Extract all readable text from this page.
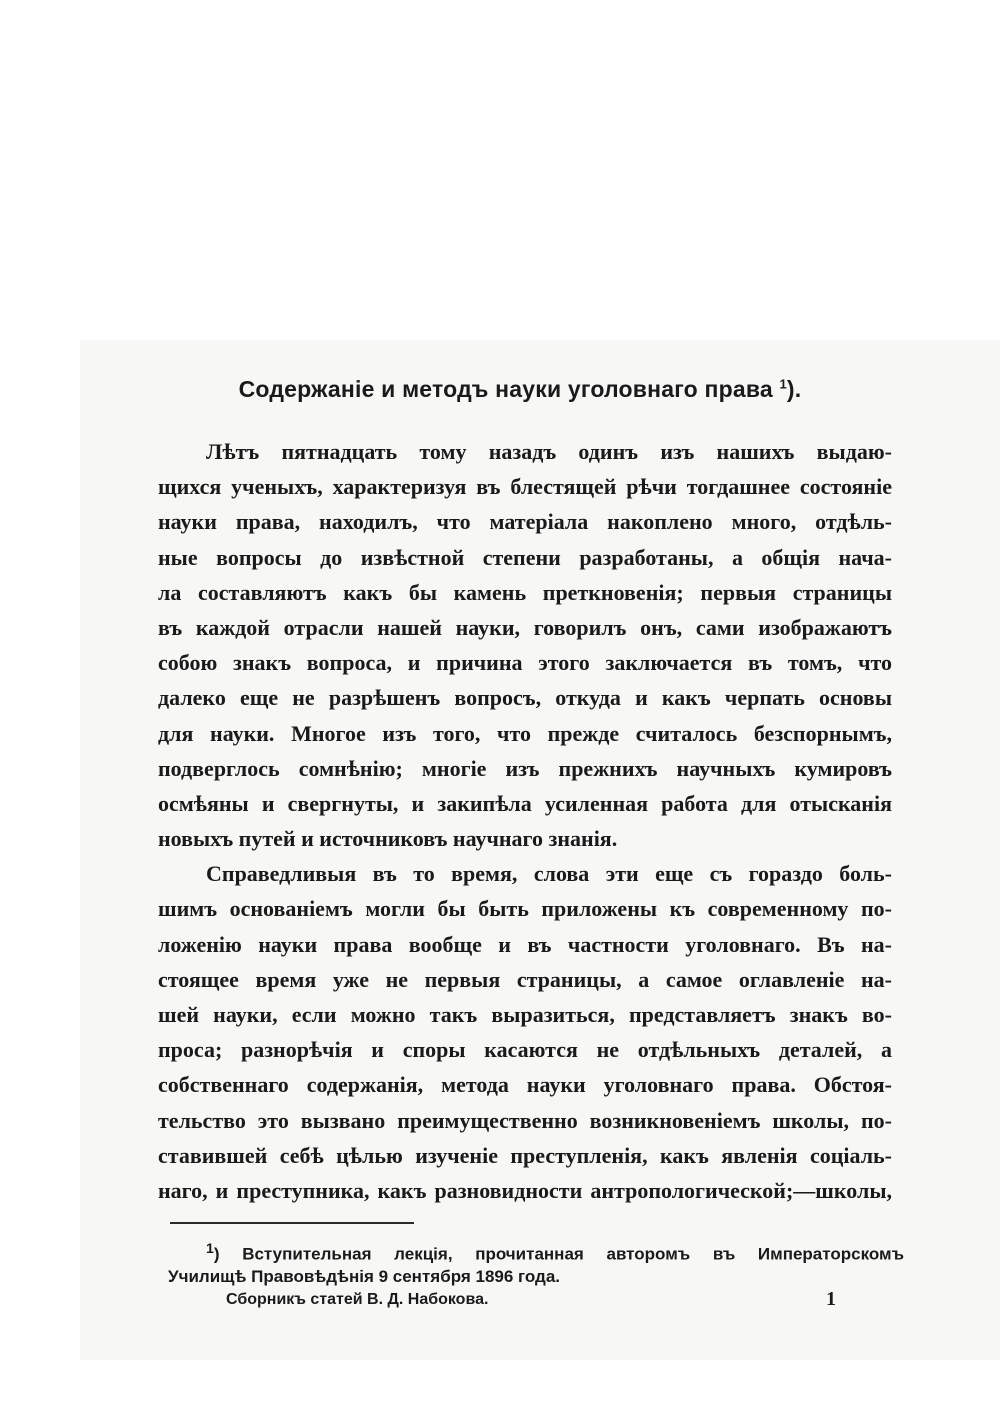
Содержаніе и методъ науки уголовнаго права $^1$).
Лѣтъ пятнадцать тому назадъ одинъ изъ нашихъ выдаю-
щихся ученыхъ, характеризуя въ блестящей рѣчи тогдашнее состояніе
науки права, находилъ, что матеріала накоплено много, отдѣль-
ные вопросы до извѣстной степени разработаны, а общія нача-
ла составляютъ какъ бы камень преткновенія; первыя страницы
въ каждой отрасли нашей науки, говорилъ онъ, сами изображаютъ
собою знакъ вопроса, и причина этого заключается въ томъ, что
далеко еще не разрѣшенъ вопросъ, откуда и какъ черпать основы
для науки. Многое изъ того, что прежде считалось безспорнымъ,
подверглось сомнѣнію; многіе изъ прежнихъ научныхъ кумировъ
осмѣяны и свергнуты, и закипѣла усиленная работа для отысканія
новыхъ путей и источниковъ научнаго знанія.
Справедливыя въ то время, слова эти еще съ гораздо боль-
шимъ основаніемъ могли бы быть приложены къ современному по-
ложенію науки права вообще и въ частности уголовнаго. Въ на-
стоящее время уже не первыя страницы, а самое оглавленіе на-
шей науки, если можно такъ выразиться, представляетъ знакъ во-
проса; разнорѣчія и споры касаются не отдѣльныхъ деталей, а
собственнаго содержанія, метода науки уголовнаго права. Обстоя-
тельство это вызвано преимущественно возникновеніемъ школы, по-
ставившей себѣ цѣлью изученіе преступленія, какъ явленія соціаль-
наго, и преступника, какъ разновидности антропологической;—школы,
$^1$) Вступительная лекція, прочитанная авторомъ въ Императорскомъ
Училищѣ Правовѣдѣнія 9 сентября 1896 года.
Сборникъ статей В. Д. Набокова.	1
